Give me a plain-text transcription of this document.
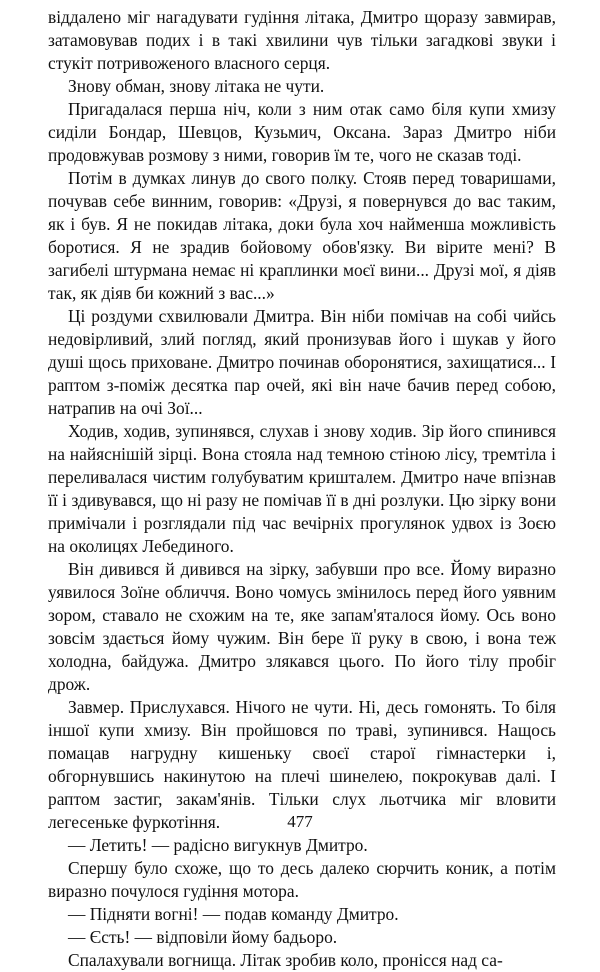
віддалено міг нагадувати гудіння літака, Дмитро щоразу завмирав, затамовував подих і в такі хвилини чув тільки загадкові звуки і стукіт потривоженого власного серця.

Знову обман, знову літака не чути.

Пригадалася перша ніч, коли з ним отак само біля купи хмизу сиділи Бондар, Шевцов, Кузьмич, Оксана. Зараз Дмитро ніби продовжував розмову з ними, говорив їм те, чого не сказав тоді.

Потім в думках линув до свого полку. Стояв перед товаришами, почував себе винним, говорив: «Друзі, я повернувся до вас таким, як і був. Я не покидав літака, доки була хоч найменша можливість боротися. Я не зрадив бойовому обов'язку. Ви вірите мені? В загибелі штурмана немає ні краплинки моєї вини... Друзі мої, я діяв так, як діяв би кожний з вас...»

Ці роздуми схвилювали Дмитра. Він ніби помічав на собі чийсь недовірливий, злий погляд, який пронизував його і шукав у його душі щось приховане. Дмитро починав оборонятися, захищатися... І раптом з-поміж десятка пар очей, які він наче бачив перед собою, натрапив на очі Зої...

Ходив, ходив, зупинявся, слухав і знову ходив. Зір його спинився на найяснішій зірці. Вона стояла над темною стіною лісу, тремтіла і переливалася чистим голубуватим кришталем. Дмитро наче впізнав її і здивувався, що ні разу не помічав її в дні розлуки. Цю зірку вони примічали і розглядали під час вечірніх прогулянок удвох із Зоєю на околицях Лебединого.

Він дивився й дивився на зірку, забувши про все. Йому виразно уявилося Зоїне обличчя. Воно чомусь змінилось перед його уявним зором, ставало не схожим на те, яке запам'яталося йому. Ось воно зовсім здається йому чужим. Він бере її руку в свою, і вона теж холодна, байдужа. Дмитро злякався цього. По його тілу пробіг дрож.

Завмер. Прислухався. Нічого не чути. Ні, десь гомонять. То біля іншої купи хмизу. Він пройшовся по траві, зупинився. Нащось помацав нагрудну кишеньку своєї старої гімнастерки і, обгорнувшись накинутою на плечі шинелею, покрокував далі. І раптом застиг, закам'янів. Тільки слух льотчика міг вловити легесеньке фуркотіння.

— Летить! — радісно вигукнув Дмитро.

Спершу було схоже, що то десь далеко сюрчить коник, а потім виразно почулося гудіння мотора.

— Підняти вогні! — подав команду Дмитро.

— Єсть! — відповіли йому бадьоро.

Спалахували вогнища. Літак зробив коло, пронісся над са-

477
